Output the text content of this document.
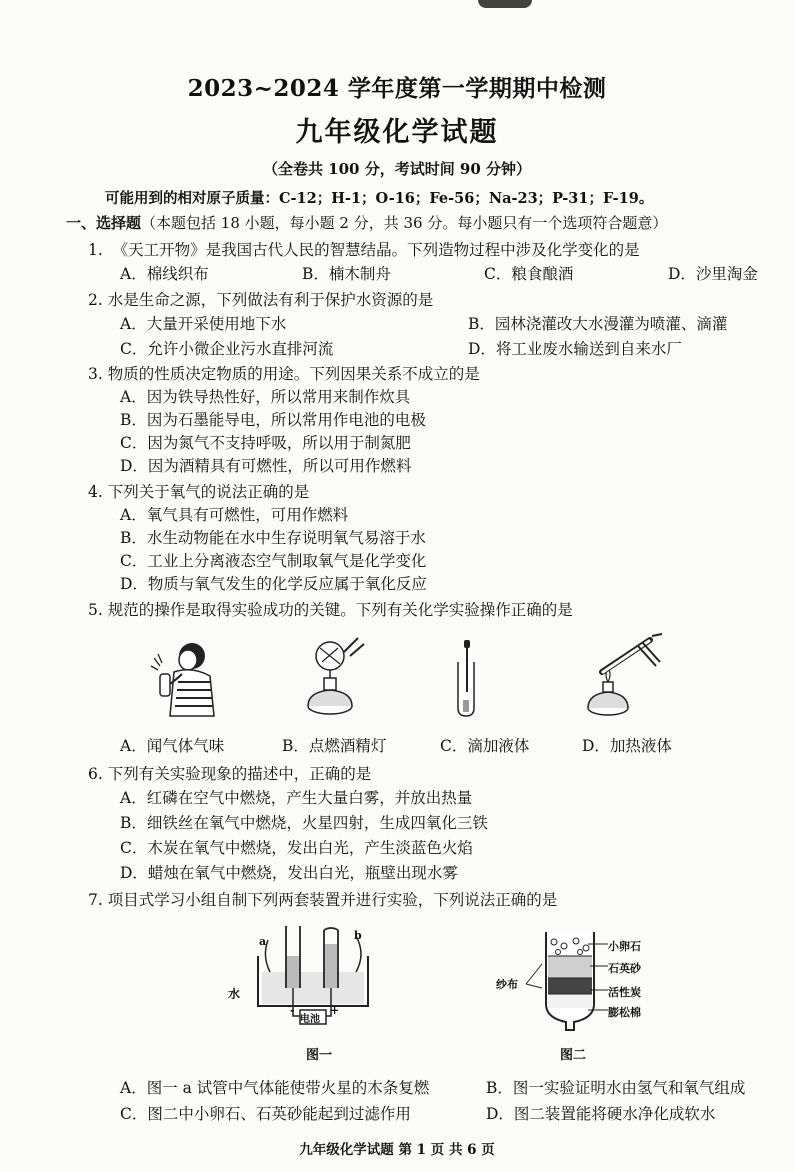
2023~2024 学年度第一学期期中检测
九年级化学试题
（全卷共 100 分，考试时间 90 分钟）
可能用到的相对原子质量：C-12；H-1；O-16；Fe-56；Na-23；P-31；F-19。
一、选择题（本题包括 18 小题，每小题 2 分，共 36 分。每小题只有一个选项符合题意）
1. 《天工开物》是我国古代人民的智慧结晶。下列造物过程中涉及化学变化的是
A．棉线织布	B．楠木制舟	C．粮食酿酒	D．沙里淘金
2. 水是生命之源，下列做法有利于保护水资源的是
A．大量开采使用地下水	B．园林浇灌改大水漫灌为喷灌、滴灌
C．允许小微企业污水直排河流	D．将工业废水输送到自来水厂
3. 物质的性质决定物质的用途。下列因果关系不成立的是
A．因为铁导热性好，所以常用来制作炊具
B．因为石墨能导电，所以常用作电池的电极
C．因为氮气不支持呼吸，所以用于制氮肥
D．因为酒精具有可燃性，所以可用作燃料
4. 下列关于氧气的说法正确的是
A．氧气具有可燃性，可用作燃料
B．水生动物能在水中生存说明氧气易溶于水
C．工业上分离液态空气制取氧气是化学变化
D．物质与氧气发生的化学反应属于氧化反应
5. 规范的操作是取得实验成功的关键。下列有关化学实验操作正确的是
A．闻气体气味	B．点燃酒精灯	C．滴加液体	D．加热液体
6. 下列有关实验现象的描述中，正确的是
A．红磷在空气中燃烧，产生大量白雾，并放出热量
B．细铁丝在氧气中燃烧，火星四射，生成四氧化三铁
C．木炭在氧气中燃烧，发出白光，产生淡蓝色火焰
D．蜡烛在氧气中燃烧，发出白光，瓶壁出现水雾
7. 项目式学习小组自制下列两套装置并进行实验，下列说法正确的是
a	b
水
电池
-	+
图一
小卵石
石英砂
活性炭
膨松棉
纱布
图二
A．图一 a 试管中气体能使带火星的木条复燃	B．图一实验证明水由氢气和氧气组成
C．图二中小卵石、石英砂能起到过滤作用	D．图二装置能将硬水净化成软水
九年级化学试题 第 1 页 共 6 页
